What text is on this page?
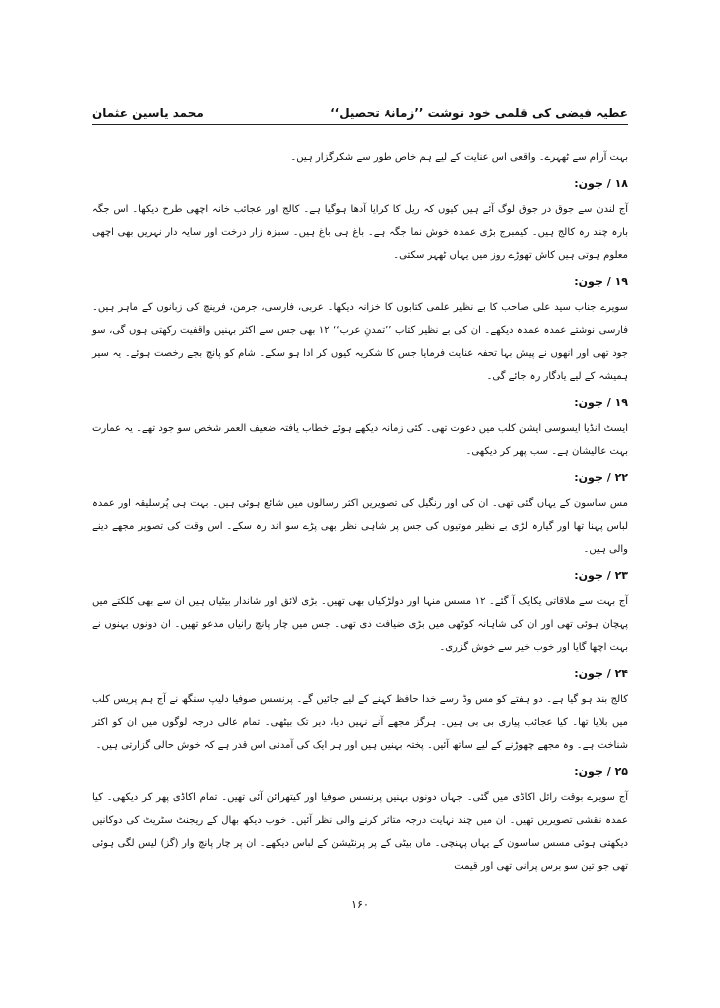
عطیہ فیضی کی قلمی خود نوشت ’’زمانۂ تحصیل‘‘
محمد یاسین عثمان

بہت آرام سے ٹھہرے۔ واقعی اس عنایت کے لیے ہم خاص طور سے شکرگزار ہیں۔

۱۸ / جون:

آج لندن سے جوق در جوق لوگ آئے ہیں کیوں کہ ریل کا کرایا آدھا ہوگیا ہے۔ کالج اور عجائب خانہ اچھی طرح دیکھا۔ اس جگہ بارہ چند رہ کالج ہیں۔ کیمبرج بڑی عمدہ خوش نما جگہ ہے۔ باغ ہی باغ ہیں۔ سبزہ زار درخت اور سایہ دار نہریں بھی اچھی معلوم ہوتی ہیں کاش تھوڑے روز میں یہاں ٹھہر سکتی۔

۱۹ / جون:

سویرے جناب سید علی صاحب کا بے نظیر علمی کتابوں کا خزانہ دیکھا۔ عربی، فارسی، جرمن، فرینچ کی زبانوں کے ماہر ہیں۔ فارسی نوشتے عمدہ عمدہ دیکھے۔ ان کی بے نظیر کتاب ’’تمدنِ عرب‘‘ ۱۲ بھی جس سے اکثر بہنیں واقفیت رکھتی ہوں گی، سو جود تھی اور انھوں نے پیش بہا تحفہ عنایت فرمایا جس کا شکریہ کیوں کر ادا ہو سکے۔ شام کو پانچ بجے رخصت ہوئے۔ یہ سیر ہمیشہ کے لیے یادگار رہ جائے گی۔

۱۹ / جون:

ایسٹ انڈیا ایسوسی ایشن کلب میں دعوت تھی۔ کئی زمانہ دیکھے ہوئے خطاب یافتہ ضعیف العمر شخص سو جود تھے۔ یہ عمارت بہت عالیشان ہے۔ سب پھر کر دیکھی۔

۲۲ / جون:

مس ساسون کے یہاں گئی تھی۔ ان کی اور رنگیل کی تصویریں اکثر رسالوں میں شائع ہوئی ہیں۔ بہت ہی پُرسلیقہ اور عمدہ لباس پہنا تھا اور گیارہ لڑی بے نظیر موتیوں کی جس پر شاہی نظر بھی پڑے سو اند رہ سکے۔ اس وقت کی تصویر مجھے دینے والی ہیں۔

۲۳ / جون:

آج بہت سے ملاقاتی یکایک آ گئے۔ ۱۲ مسس منہا اور دولڑکیاں بھی تھیں۔ بڑی لائق اور شاندار بیٹیاں ہیں ان سے بھی کلکتے میں پہچان ہوئی تھی اور ان کی شاہانہ کوٹھی میں بڑی ضیافت دی تھی۔ جس میں چار پانچ رانیاں مدعو تھیں۔ ان دونوں بہنوں نے بہت اچھا گایا اور خوب خیر سے خوش گزری۔

۲۴ / جون:

کالج بند ہو گیا ہے۔ دو ہفتے کو مس وڈ رسے خدا حافظ کہنے کے لیے جائیں گے۔ پرنسس صوفیا دلیپ سنگھ نے آج ہم پریس کلب میں بلایا تھا۔ کیا عجائب پیاری بی بی ہیں۔ ہرگز مجھے آنے نہیں دیا، دیر تک بیٹھی۔ تمام عالی درجہ لوگوں میں ان کو اکثر شناخت ہے۔ وہ مجھے چھوڑنے کے لیے ساتھ آئیں۔ پختہ بہنیں ہیں اور ہر ایک کی آمدنی اس قدر ہے کہ خوش حالی گزارتی ہیں۔

۲۵ / جون:

آج سویرے بوقت رائل اکاڈی میں گئی۔ جہاں دونوں بہنیں پرنسس صوفیا اور کیتھرائن آئی تھیں۔ تمام اکاڈی پھر کر دیکھی۔ کیا عمدہ نقشی تصویریں تھیں۔ ان میں چند نہایت درجہ متاثر کرنے والی نظر آئیں۔ خوب دیکھ بھال کے ریجنٹ سٹریٹ کی دوکانیں دیکھتی ہوئی مسس ساسون کے یہاں پہنچی۔ ماں بیٹی کے پر پرنٹیشن کے لباس دیکھے۔ ان پر چار پانچ وار (گز) لیس لگی ہوئی تھی جو تین سو برس پرانی تھی اور قیمت

۱۶۰
